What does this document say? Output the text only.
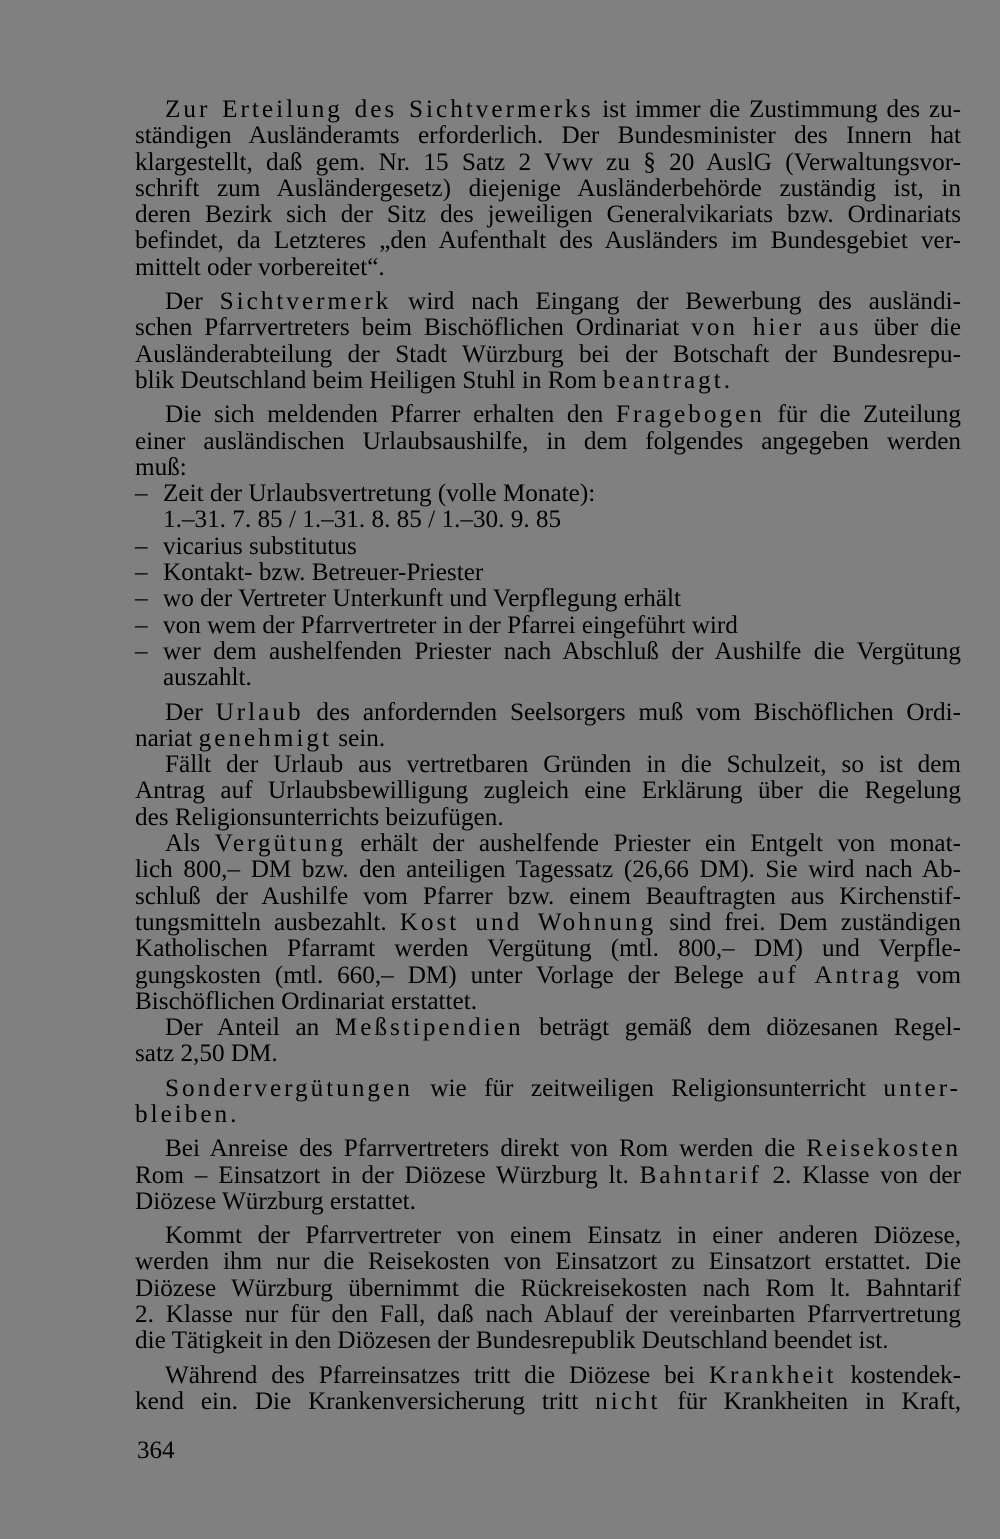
Zur Erteilung des Sichtvermerks ist immer die Zustimmung des zu-
ständigen Ausländeramts erforderlich. Der Bundesminister des Innern hat
klargestellt, daß gem. Nr. 15 Satz 2 Vwv zu § 20 AuslG (Verwaltungsvor-
schrift zum Ausländergesetz) diejenige Ausländerbehörde zuständig ist, in
deren Bezirk sich der Sitz des jeweiligen Generalvikariats bzw. Ordinariats
befindet, da Letzteres „den Aufenthalt des Ausländers im Bundesgebiet ver-
mittelt oder vorbereitet“.
Der Sichtvermerk wird nach Eingang der Bewerbung des ausländi-
schen Pfarrvertreters beim Bischöflichen Ordinariat von hier aus über die
Ausländerabteilung der Stadt Würzburg bei der Botschaft der Bundesrepu-
blik Deutschland beim Heiligen Stuhl in Rom beantragt.
Die sich meldenden Pfarrer erhalten den Fragebogen für die Zuteilung
einer ausländischen Urlaubsaushilfe, in dem folgendes angegeben werden
muß:
– Zeit der Urlaubsvertretung (volle Monate):
1.–31. 7. 85 / 1.–31. 8. 85 / 1.–30. 9. 85
– vicarius substitutus
– Kontakt- bzw. Betreuer-Priester
– wo der Vertreter Unterkunft und Verpflegung erhält
– von wem der Pfarrvertreter in der Pfarrei eingeführt wird
– wer dem aushelfenden Priester nach Abschluß der Aushilfe die Vergütung
auszahlt.
Der Urlaub des anfordernden Seelsorgers muß vom Bischöflichen Ordi-
nariat genehmigt sein.
Fällt der Urlaub aus vertretbaren Gründen in die Schulzeit, so ist dem
Antrag auf Urlaubsbewilligung zugleich eine Erklärung über die Regelung
des Religionsunterrichts beizufügen.
Als Vergütung erhält der aushelfende Priester ein Entgelt von monat-
lich 800,– DM bzw. den anteiligen Tagessatz (26,66 DM). Sie wird nach Ab-
schluß der Aushilfe vom Pfarrer bzw. einem Beauftragten aus Kirchenstif-
tungsmitteln ausbezahlt. Kost und Wohnung sind frei. Dem zuständigen
Katholischen Pfarramt werden Vergütung (mtl. 800,– DM) und Verpfle-
gungskosten (mtl. 660,– DM) unter Vorlage der Belege auf Antrag vom
Bischöflichen Ordinariat erstattet.
Der Anteil an Meßstipendien beträgt gemäß dem diözesanen Regel-
satz 2,50 DM.
Sondervergütungen wie für zeitweiligen Religionsunterricht unter-
bleiben.
Bei Anreise des Pfarrvertreters direkt von Rom werden die Reisekosten
Rom – Einsatzort in der Diözese Würzburg lt. Bahntarif 2. Klasse von der
Diözese Würzburg erstattet.
Kommt der Pfarrvertreter von einem Einsatz in einer anderen Diözese,
werden ihm nur die Reisekosten von Einsatzort zu Einsatzort erstattet. Die
Diözese Würzburg übernimmt die Rückreisekosten nach Rom lt. Bahntarif
2. Klasse nur für den Fall, daß nach Ablauf der vereinbarten Pfarrvertretung
die Tätigkeit in den Diözesen der Bundesrepublik Deutschland beendet ist.
Während des Pfarreinsatzes tritt die Diözese bei Krankheit kostendek-
kend ein. Die Krankenversicherung tritt nicht für Krankheiten in Kraft,
364
